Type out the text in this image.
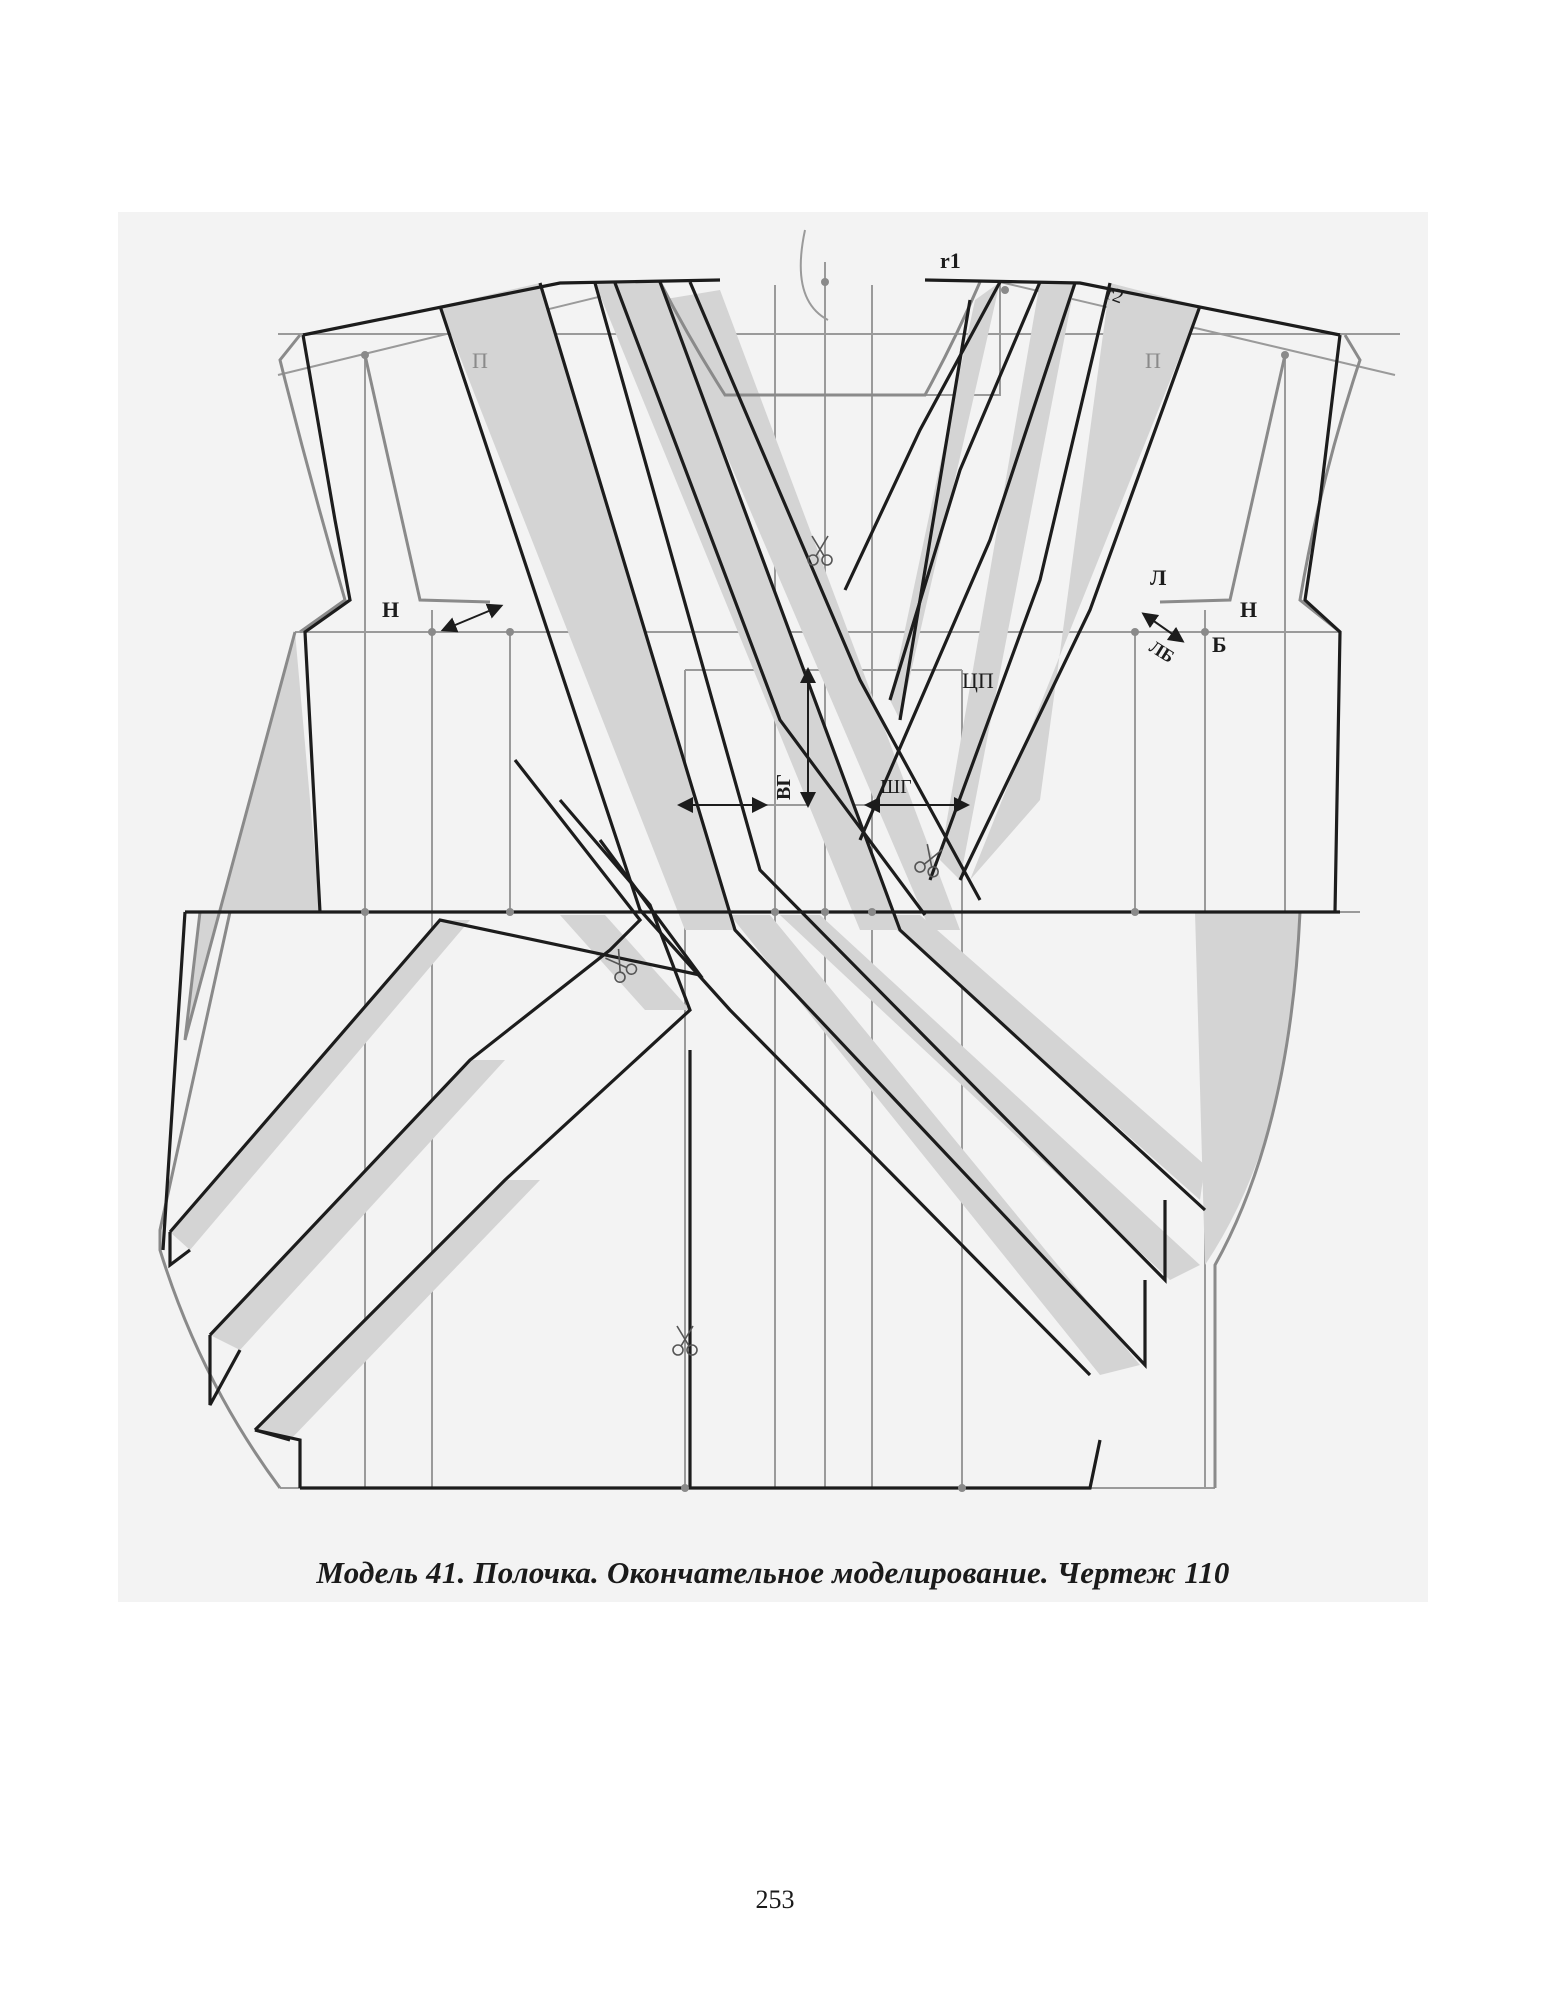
П	П
r1
r2
Н	Н
Л
ЛБ Б
ЦП
ВГ	ШГ
Модель 41. Полочка. Окончательное моделирование. Чертеж 110
253
